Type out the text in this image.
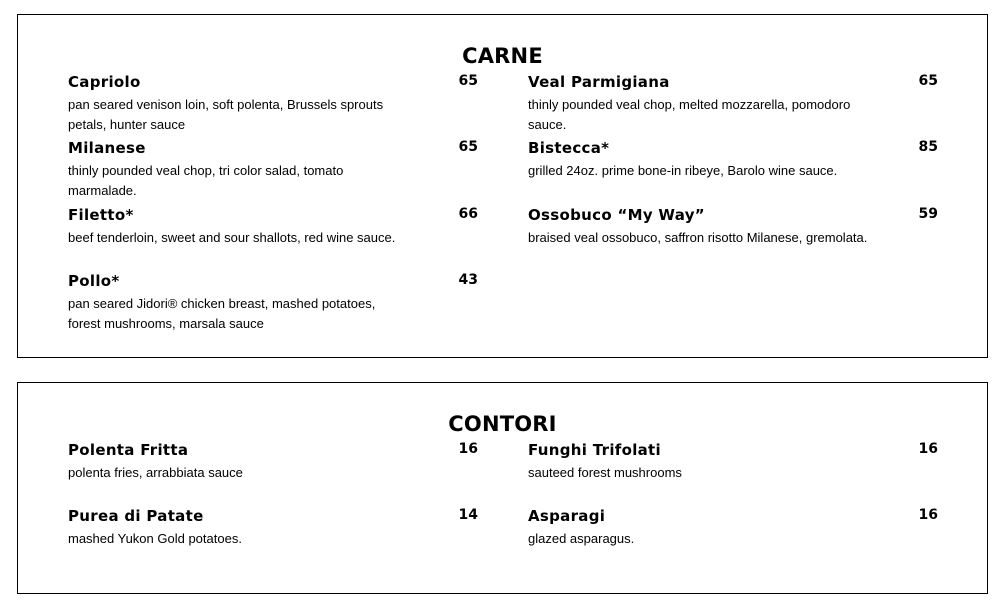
CARNE
Capriolo	65
pan seared venison loin, soft polenta, Brussels sprouts petals, hunter sauce
Milanese	65
thinly pounded veal chop, tri color salad, tomato marmalade.
Filetto*	66
beef tenderloin, sweet and sour shallots, red wine sauce.
Pollo*	43
pan seared Jidori® chicken breast, mashed potatoes, forest mushrooms, marsala sauce
Veal Parmigiana	65
thinly pounded veal chop, melted mozzarella, pomodoro sauce.
Bistecca*	85
grilled 24oz. prime bone-in ribeye, Barolo wine sauce.
Ossobuco “My Way”	59
braised veal ossobuco, saffron risotto Milanese, gremolata.
CONTORI
Polenta Fritta	16
polenta fries, arrabbiata sauce
Purea di Patate	14
mashed Yukon Gold potatoes.
Funghi Trifolati	16
sauteed forest mushrooms
Asparagi	16
glazed asparagus.
